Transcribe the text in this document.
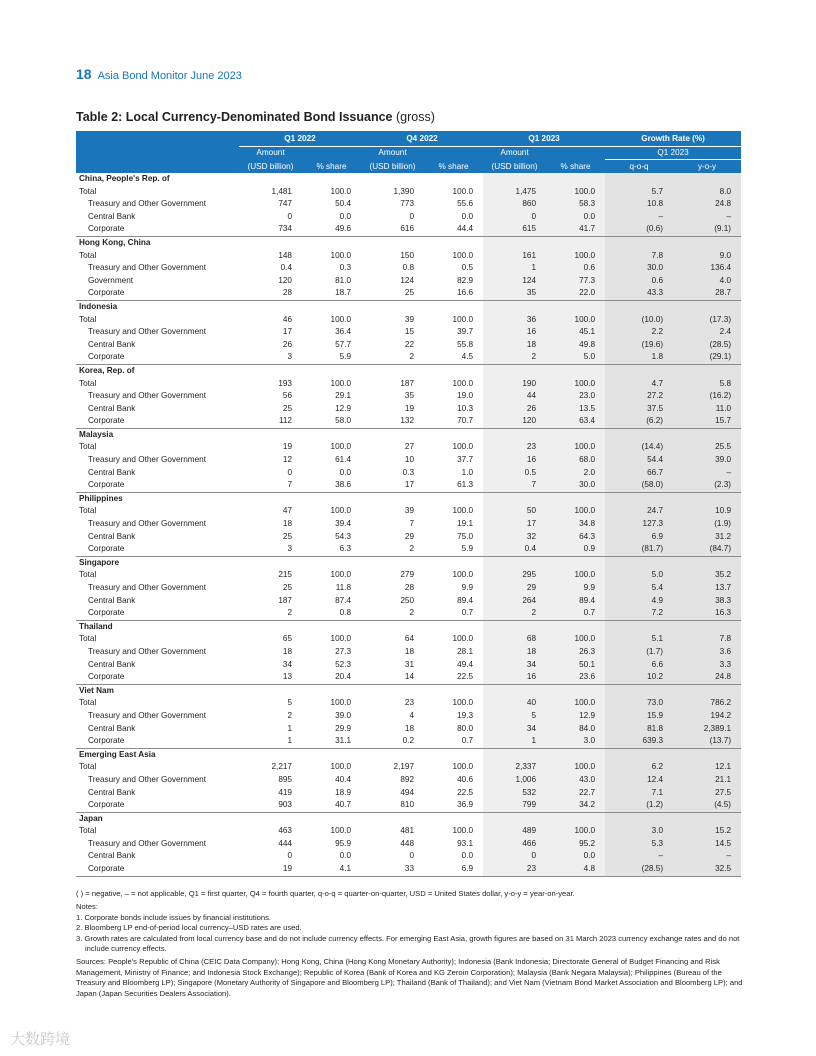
18 Asia Bond Monitor June 2023
Table 2: Local Currency-Denominated Bond Issuance (gross)
	Q1 2022		Q4 2022		Q1 2023		Growth Rate (%)	
	Amount		Amount		Amount		Q1 2023	
	(USD billion)	% share	(USD billion)	% share	(USD billion)	% share	q-o-q	y-o-y
China, People's Rep. of								
Total	1,481	100.0	1,390	100.0	1,475	100.0	5.7	8.0
Treasury and Other Government	747	50.4	773	55.6	860	58.3	10.8	24.8
Central Bank	0	0.0	0	0.0	0	0.0	–	–
Corporate	734	49.6	616	44.4	615	41.7	(0.6)	(9.1)
Hong Kong, China								
Total	148	100.0	150	100.0	161	100.0	7.8	9.0
Treasury and Other Government	0.4	0.3	0.8	0.5	1	0.6	30.0	136.4
Government	120	81.0	124	82.9	124	77.3	0.6	4.0
Corporate	28	18.7	25	16.6	35	22.0	43.3	28.7
Indonesia								
Total	46	100.0	39	100.0	36	100.0	(10.0)	(17.3)
Treasury and Other Government	17	36.4	15	39.7	16	45.1	2.2	2.4
Central Bank	26	57.7	22	55.8	18	49.8	(19.6)	(28.5)
Corporate	3	5.9	2	4.5	2	5.0	1.8	(29.1)
Korea, Rep. of								
Total	193	100.0	187	100.0	190	100.0	4.7	5.8
Treasury and Other Government	56	29.1	35	19.0	44	23.0	27.2	(16.2)
Central Bank	25	12.9	19	10.3	26	13.5	37.5	11.0
Corporate	112	58.0	132	70.7	120	63.4	(6.2)	15.7
Malaysia								
Total	19	100.0	27	100.0	23	100.0	(14.4)	25.5
Treasury and Other Government	12	61.4	10	37.7	16	68.0	54.4	39.0
Central Bank	0	0.0	0.3	1.0	0.5	2.0	66.7	–
Corporate	7	38.6	17	61.3	7	30.0	(58.0)	(2.3)
Philippines								
Total	47	100.0	39	100.0	50	100.0	24.7	10.9
Treasury and Other Government	18	39.4	7	19.1	17	34.8	127.3	(1.9)
Central Bank	25	54.3	29	75.0	32	64.3	6.9	31.2
Corporate	3	6.3	2	5.9	0.4	0.9	(81.7)	(84.7)
Singapore								
Total	215	100.0	279	100.0	295	100.0	5.0	35.2
Treasury and Other Government	25	11.8	28	9.9	29	9.9	5.4	13.7
Central Bank	187	87.4	250	89.4	264	89.4	4.9	38.3
Corporate	2	0.8	2	0.7	2	0.7	7.2	16.3
Thailand								
Total	65	100.0	64	100.0	68	100.0	5.1	7.8
Treasury and Other Government	18	27.3	18	28.1	18	26.3	(1.7)	3.6
Central Bank	34	52.3	31	49.4	34	50.1	6.6	3.3
Corporate	13	20.4	14	22.5	16	23.6	10.2	24.8
Viet Nam								
Total	5	100.0	23	100.0	40	100.0	73.0	786.2
Treasury and Other Government	2	39.0	4	19.3	5	12.9	15.9	194.2
Central Bank	1	29.9	18	80.0	34	84.0	81.8	2,389.1
Corporate	1	31.1	0.2	0.7	1	3.0	639.3	(13.7)
Emerging East Asia								
Total	2,217	100.0	2,197	100.0	2,337	100.0	6.2	12.1
Treasury and Other Government	895	40.4	892	40.6	1,006	43.0	12.4	21.1
Central Bank	419	18.9	494	22.5	532	22.7	7.1	27.5
Corporate	903	40.7	810	36.9	799	34.2	(1.2)	(4.5)
Japan								
Total	463	100.0	481	100.0	489	100.0	3.0	15.2
Treasury and Other Government	444	95.9	448	93.1	466	95.2	5.3	14.5
Central Bank	0	0.0	0	0.0	0	0.0	–	–
Corporate	19	4.1	33	6.9	23	4.8	(28.5)	32.5

( ) = negative, – = not applicable, Q1 = first quarter, Q4 = fourth quarter, q-o-q = quarter-on-quarter, USD = United States dollar, y-o-y = year-on-year.

Notes:

1. Corporate bonds include issues by financial institutions.

2. Bloomberg LP end-of-period local currency–USD rates are used.

3. Growth rates are calculated from local currency base and do not include currency effects. For emerging East Asia, growth figures are based on 31 March 2023 currency exchange rates and do not include currency effects.

Sources: People's Republic of China (CEIC Data Company); Hong Kong, China (Hong Kong Monetary Authority); Indonesia (Bank Indonesia; Directorate General of Budget Financing and Risk Management, Ministry of Finance; and Indonesia Stock Exchange); Republic of Korea (Bank of Korea and KG Zeroin Corporation); Malaysia (Bank Negara Malaysia); Philippines (Bureau of the Treasury and Bloomberg LP); Singapore (Monetary Authority of Singapore and Bloomberg LP); Thailand (Bank of Thailand); and Viet Nam (Vietnam Bond Market Association and Bloomberg LP); and Japan (Japan Securities Dealers Association).

大数跨境
